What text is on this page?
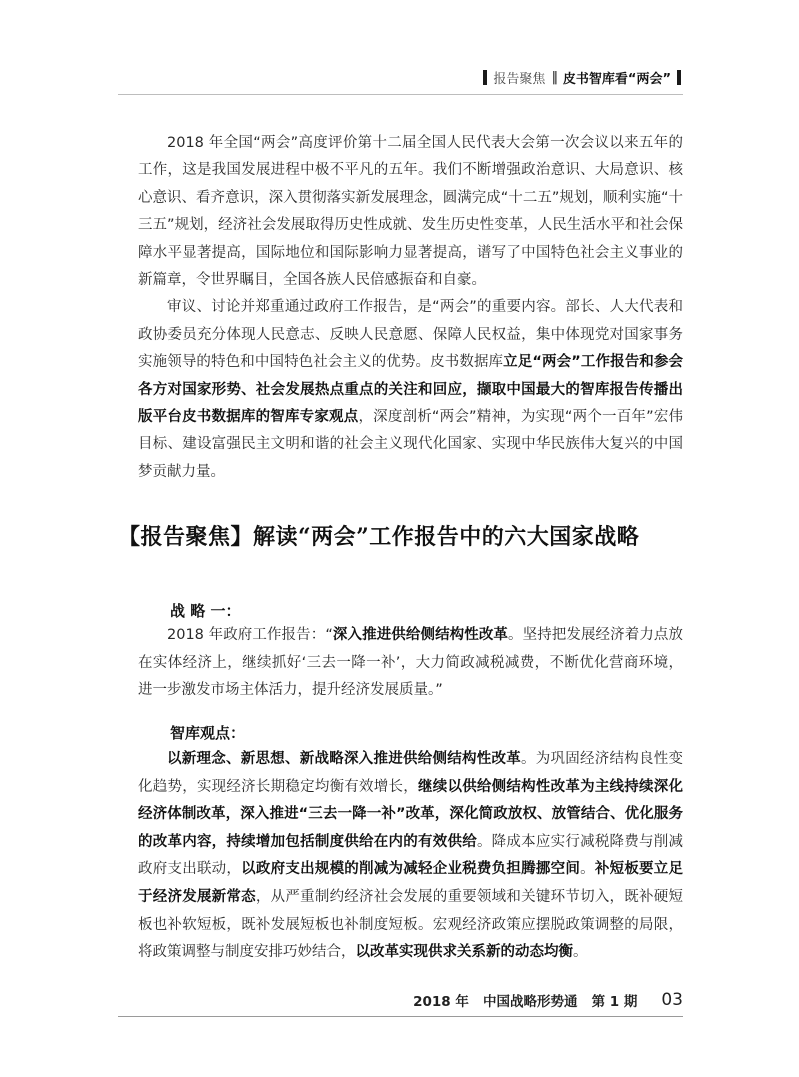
报告聚焦 ‖ 皮书智库看“两会”

2018 年全国“两会”高度评价第十二届全国人民代表大会第一次会议以来五年的工作，这是我国发展进程中极不平凡的五年。我们不断增强政治意识、大局意识、核心意识、看齐意识，深入贯彻落实新发展理念，圆满完成“十二五”规划，顺利实施“十三五”规划，经济社会发展取得历史性成就、发生历史性变革，人民生活水平和社会保障水平显著提高，国际地位和国际影响力显著提高，谱写了中国特色社会主义事业的新篇章，令世界瞩目，全国各族人民倍感振奋和自豪。

审议、讨论并郑重通过政府工作报告，是“两会”的重要内容。部长、人大代表和政协委员充分体现人民意志、反映人民意愿、保障人民权益，集中体现党对国家事务实施领导的特色和中国特色社会主义的优势。皮书数据库立足“两会”工作报告和参会各方对国家形势、社会发展热点重点的关注和回应，撷取中国最大的智库报告传播出版平台皮书数据库的智库专家观点，深度剖析“两会”精神，为实现“两个一百年”宏伟目标、建设富强民主文明和谐的社会主义现代化国家、实现中华民族伟大复兴的中国梦贡献力量。

【报告聚焦】解读“两会”工作报告中的六大国家战略
战 略 一：

2018 年政府工作报告：“深入推进供给侧结构性改革。坚持把发展经济着力点放在实体经济上，继续抓好‘三去一降一补’，大力简政减税减费，不断优化营商环境，进一步激发市场主体活力，提升经济发展质量。”

智库观点：

以新理念、新思想、新战略深入推进供给侧结构性改革。为巩固经济结构良性变化趋势，实现经济长期稳定均衡有效增长，继续以供给侧结构性改革为主线持续深化经济体制改革，深入推进“三去一降一补”改革，深化简政放权、放管结合、优化服务的改革内容，持续增加包括制度供给在内的有效供给。降成本应实行减税降费与削减政府支出联动，以政府支出规模的削减为减轻企业税费负担腾挪空间。补短板要立足于经济发展新常态，从严重制约经济社会发展的重要领域和关键环节切入，既补硬短板也补软短板，既补发展短板也补制度短板。宏观经济政策应摆脱政策调整的局限，将政策调整与制度安排巧妙结合，以改革实现供求关系新的动态均衡。

2018 年 中国战略形势通 第 1 期 03
